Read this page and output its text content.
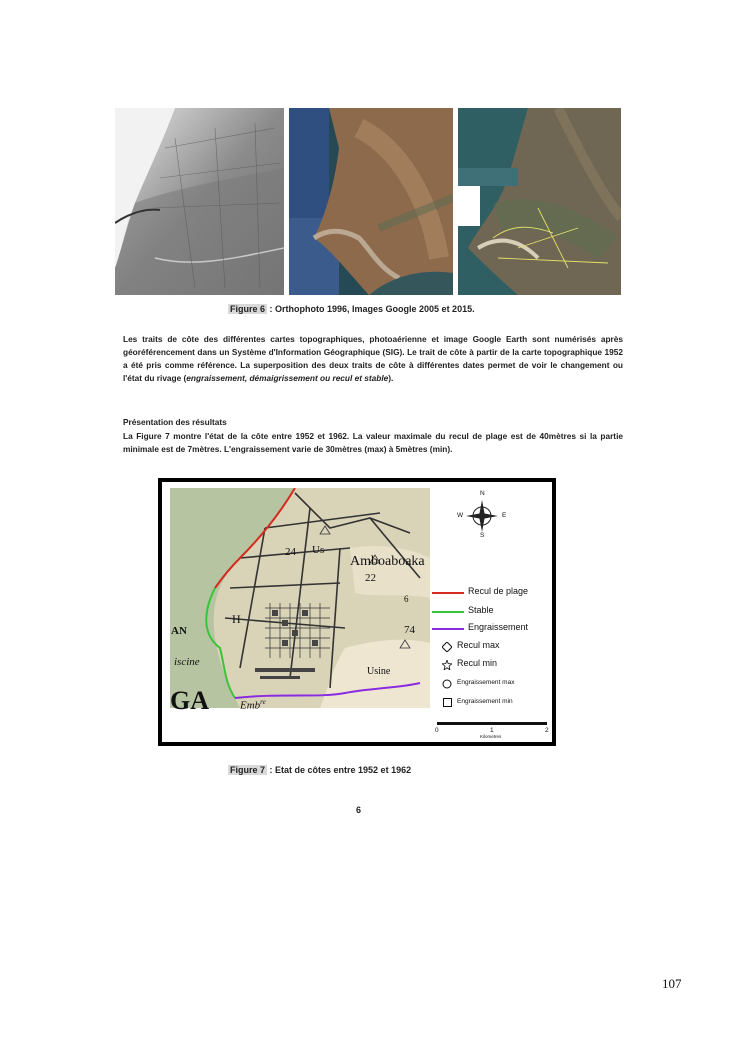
Figure 6 : Orthophoto 1996, Images Google 2005 et 2015.
Les traits de côte des différentes cartes topographiques, photoaérienne et image Google Earth sont numérisés après géoréférencement dans un Système d'Information Géographique (SIG). Le trait de côte à partir de la carte topographique 1952 a été pris comme référence. La superposition des deux traits de côte à différentes dates permet de voir le changement ou l'état du rivage (engraissement, démaigrissement ou recul et stable).
Présentation des résultats
La Figure 7 montre l'état de la côte entre 1952 et 1962. La valeur maximale du recul de plage est de 40mètres si la partie minimale est de 7mètres. L'engraissement varie de 30mètres (max) à 5mètres (min).
Amboaboaka
22
Usine
Us
24
74
6
H
AN
iscine
GA	Emb$^{re}$
N
S
W	E
Recul de plage
Stable
Engraissement
Recul max
Recul min
Engraissement max
Engraissement min
0	1	2
Kilometres
Figure 7 : Etat de côtes entre 1952 et 1962
6
107
